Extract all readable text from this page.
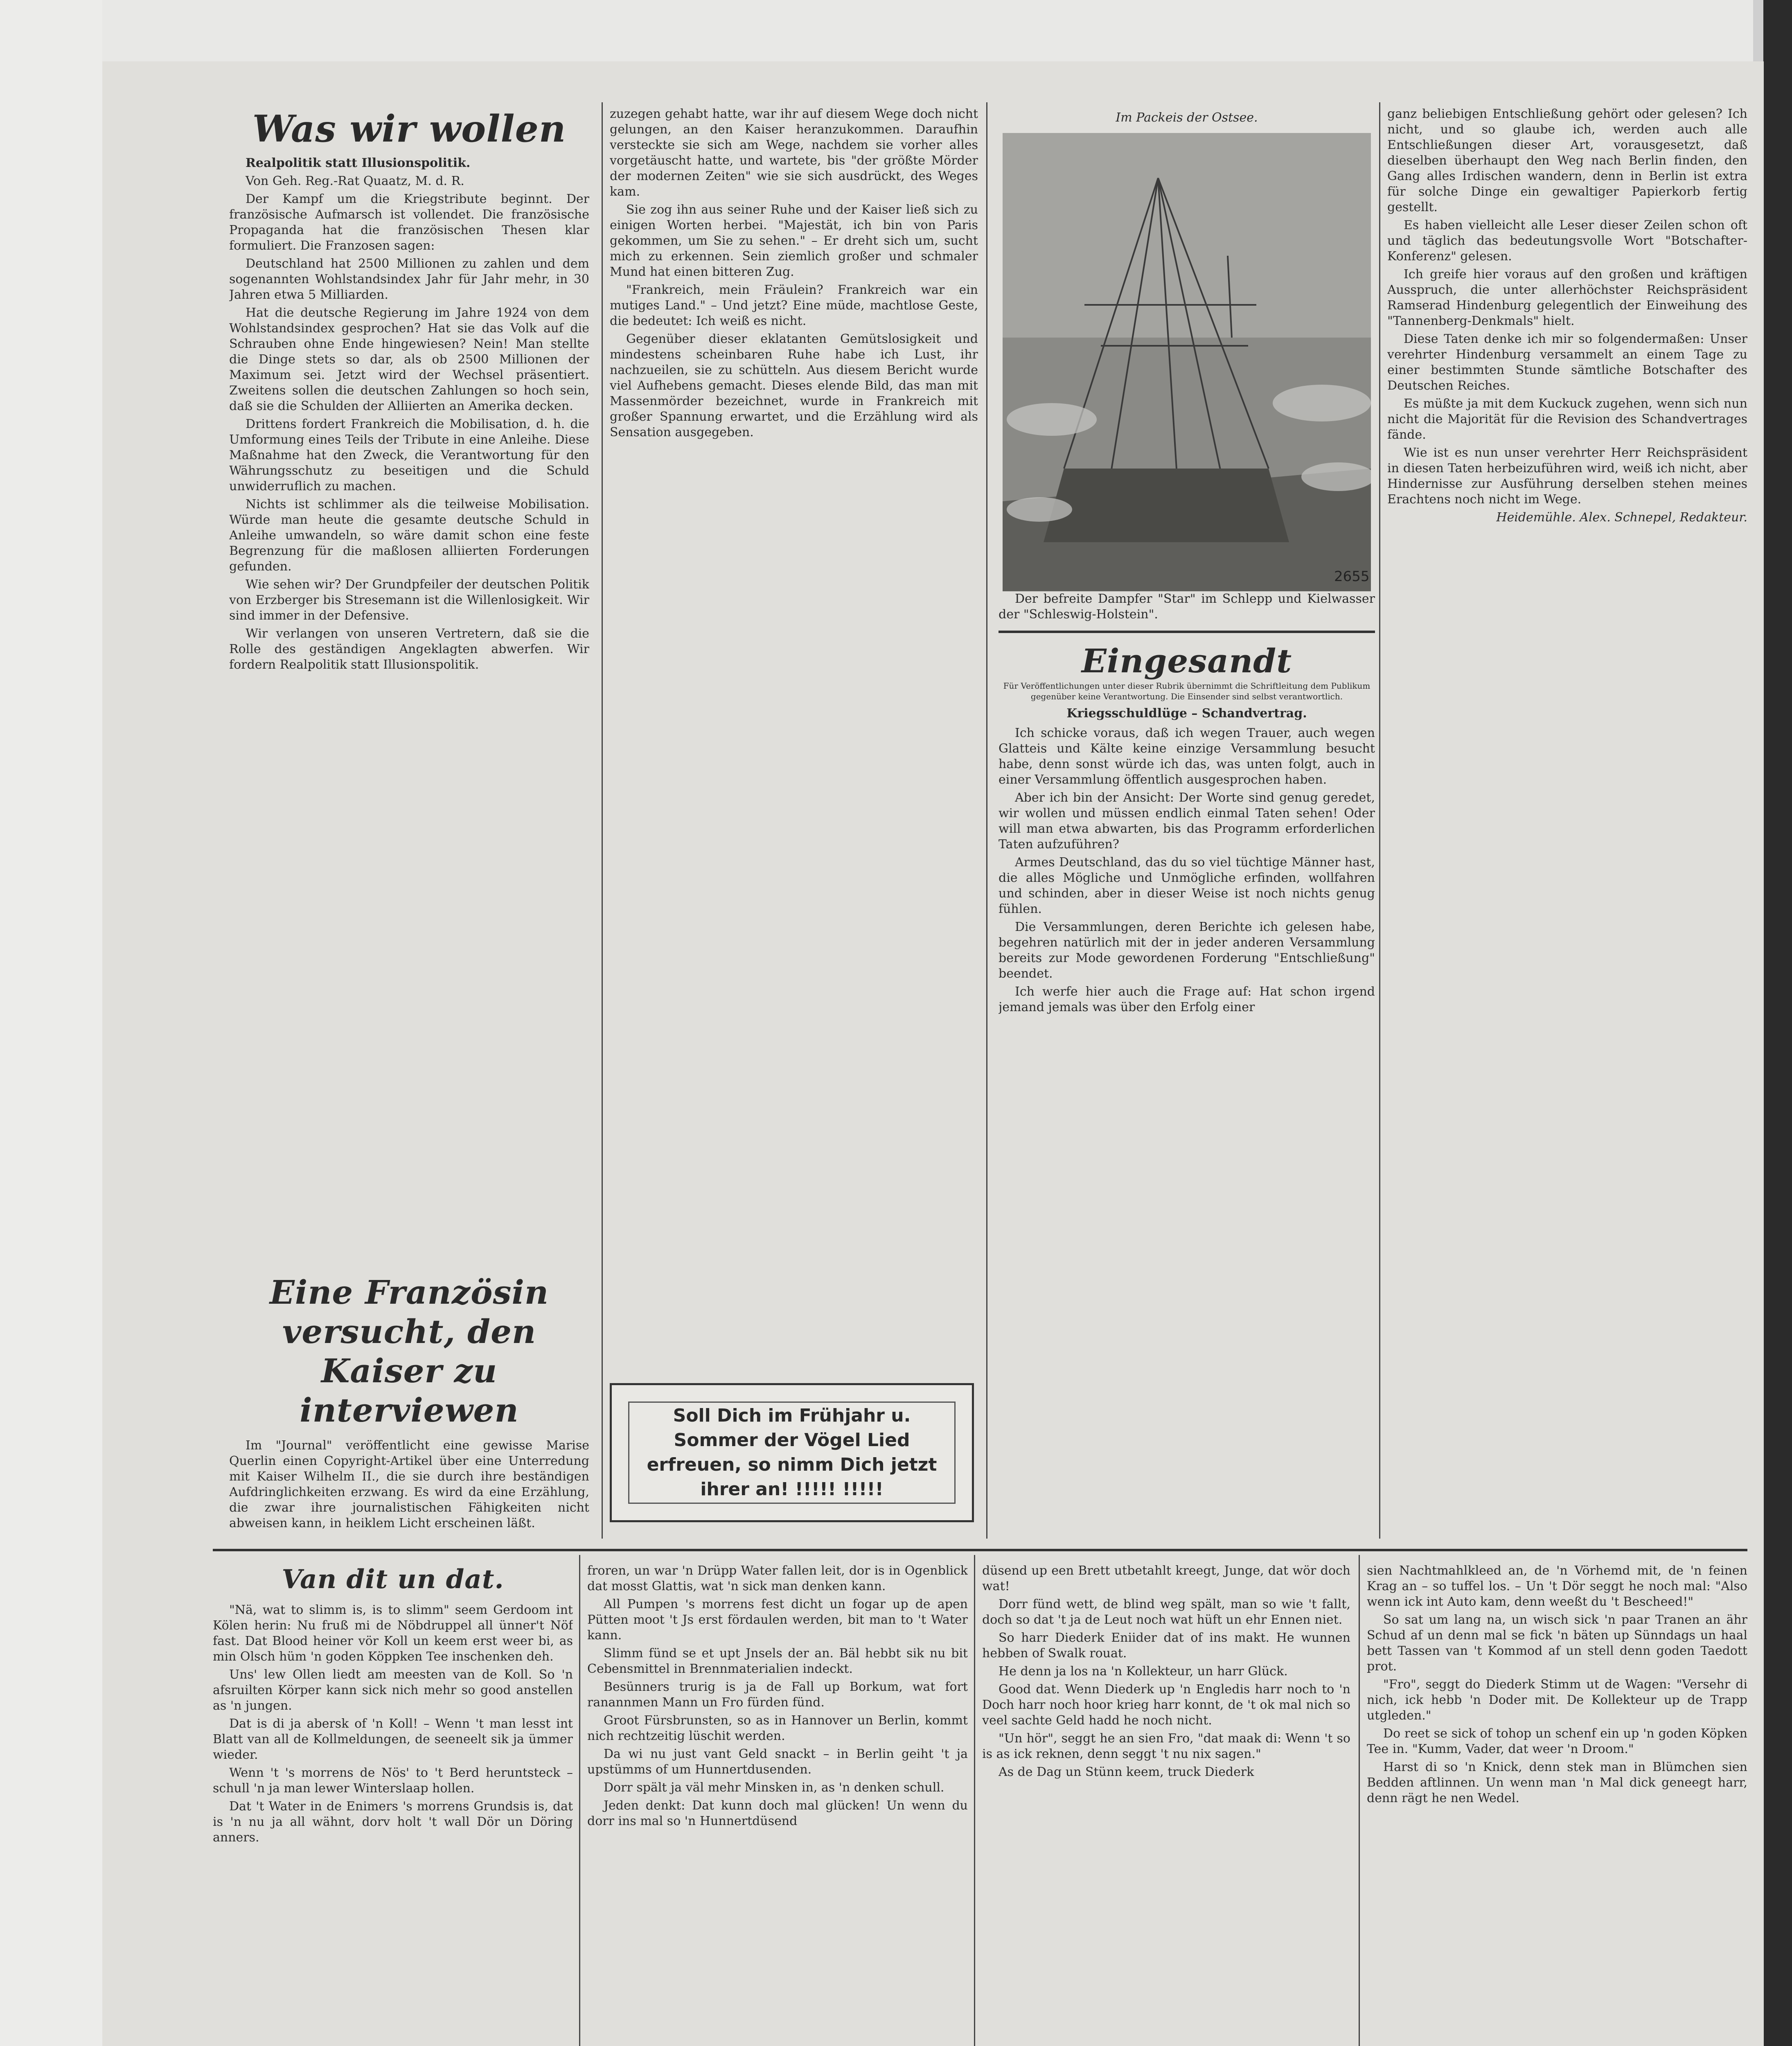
Was wir wollen

Realpolitik statt Illusionspolitik.

Von Geh. Reg.-Rat Quaatz, M. d. R.

Der Kampf um die Kriegstribute beginnt. Der französische Aufmarsch ist vollendet. Die französische Propaganda hat die französischen Thesen klar formuliert. Die Franzosen sagen:

Deutschland hat 2500 Millionen zu zahlen und dem sogenannten Wohlstandsindex Jahr für Jahr mehr, in 30 Jahren etwa 5 Milliarden.

Hat die deutsche Regierung im Jahre 1924 von dem Wohlstandsindex gesprochen? Hat sie das Volk auf die Schrauben ohne Ende hingewiesen? Nein! Man stellte die Dinge stets so dar, als ob 2500 Millionen der Maximum sei. Jetzt wird der Wechsel präsentiert. Zweitens sollen die deutschen Zahlungen so hoch sein, daß sie die Schulden der Alliierten an Amerika decken.

Drittens fordert Frankreich die Mobilisation, d. h. die Umformung eines Teils der Tribute in eine Anleihe. Diese Maßnahme hat den Zweck, die Verantwortung für den Währungsschutz zu beseitigen und die Schuld unwiderruflich zu machen.

Nichts ist schlimmer als die teilweise Mobilisation. Würde man heute die gesamte deutsche Schuld in Anleihe umwandeln, so wäre damit schon eine feste Begrenzung für die maßlosen alliierten Forderungen gefunden.

Wie sehen wir? Der Grundpfeiler der deutschen Politik von Erzberger bis Stresemann ist die Willenlosigkeit. Wir sind immer in der Defensive.

Wir verlangen von unseren Vertretern, daß sie die Rolle des geständigen Angeklagten abwerfen. Wir fordern Realpolitik statt Illusionspolitik.

Eine Französin versucht, den Kaiser zu interviewen

Im "Journal" veröffentlicht eine gewisse Marise Querlin einen Copyright-Artikel über eine Unterredung mit Kaiser Wilhelm II., die sie durch ihre beständigen Aufdringlichkeiten erzwang. Es wird da eine Erzählung, die zwar ihre journalistischen Fähigkeiten nicht abweisen kann, in heiklem Licht erscheinen läßt.

zuzegen gehabt hatte, war ihr auf diesem Wege doch nicht gelungen, an den Kaiser heranzukommen. Daraufhin versteckte sie sich am Wege, nachdem sie vorher alles vorgetäuscht hatte, und wartete, bis "der größte Mörder der modernen Zeiten" wie sie sich ausdrückt, des Weges kam.

Sie zog ihn aus seiner Ruhe und der Kaiser ließ sich zu einigen Worten herbei. "Majestät, ich bin von Paris gekommen, um Sie zu sehen." – Er dreht sich um, sucht mich zu erkennen. Sein ziemlich großer und schmaler Mund hat einen bitteren Zug.

"Frankreich, mein Fräulein? Frankreich war ein mutiges Land." – Und jetzt? Eine müde, machtlose Geste, die bedeutet: Ich weiß es nicht.

Gegenüber dieser eklatanten Gemütslosigkeit und mindestens scheinbaren Ruhe habe ich Lust, ihr nachzueilen, sie zu schütteln. Aus diesem Bericht wurde viel Aufhebens gemacht. Dieses elende Bild, das man mit Massenmörder bezeichnet, wurde in Frankreich mit großer Spannung erwartet, und die Erzählung wird als Sensation ausgegeben.

Soll Dich im Frühjahr u. Sommer der Vögel Lied erfreuen, so nimm Dich jetzt ihrer an! !!!!! !!!!!
Im Packeis der Ostsee.
2655

Der befreite Dampfer "Star" im Schlepp und Kielwasser der "Schleswig-Holstein".

Eingesandt

Für Veröffentlichungen unter dieser Rubrik übernimmt die Schriftleitung dem Publikum gegenüber keine Verantwortung. Die Einsender sind selbst verantwortlich.

Kriegsschuldlüge – Schandvertrag.

Ich schicke voraus, daß ich wegen Trauer, auch wegen Glatteis und Kälte keine einzige Versammlung besucht habe, denn sonst würde ich das, was unten folgt, auch in einer Versammlung öffentlich ausgesprochen haben.

Aber ich bin der Ansicht: Der Worte sind genug geredet, wir wollen und müssen endlich einmal Taten sehen! Oder will man etwa abwarten, bis das Programm erforderlichen Taten aufzuführen?

Armes Deutschland, das du so viel tüchtige Männer hast, die alles Mögliche und Unmögliche erfinden, wollfahren und schinden, aber in dieser Weise ist noch nichts genug fühlen.

Die Versammlungen, deren Berichte ich gelesen habe, begehren natürlich mit der in jeder anderen Versammlung bereits zur Mode gewordenen Forderung "Entschließung" beendet.

Ich werfe hier auch die Frage auf: Hat schon irgend jemand jemals was über den Erfolg einer

ganz beliebigen Entschließung gehört oder gelesen? Ich nicht, und so glaube ich, werden auch alle Entschließungen dieser Art, vorausgesetzt, daß dieselben überhaupt den Weg nach Berlin finden, den Gang alles Irdischen wandern, denn in Berlin ist extra für solche Dinge ein gewaltiger Papierkorb fertig gestellt.

Es haben vielleicht alle Leser dieser Zeilen schon oft und täglich das bedeutungsvolle Wort "Botschafter-Konferenz" gelesen.

Ich greife hier voraus auf den großen und kräftigen Ausspruch, die unter allerhöchster Reichspräsident Ramserad Hindenburg gelegentlich der Einweihung des "Tannenberg-Denkmals" hielt.

Diese Taten denke ich mir so folgendermaßen: Unser verehrter Hindenburg versammelt an einem Tage zu einer bestimmten Stunde sämtliche Botschafter des Deutschen Reiches.

Es müßte ja mit dem Kuckuck zugehen, wenn sich nun nicht die Majorität für die Revision des Schandvertrages fände.

Wie ist es nun unser verehrter Herr Reichspräsident in diesen Taten herbeizuführen wird, weiß ich nicht, aber Hindernisse zur Ausführung derselben stehen meines Erachtens noch nicht im Wege.

Heidemühle. Alex. Schnepel, Redakteur.

Van dit un dat.

"Nä, wat to slimm is, is to slimm" seem Gerdoom int Kölen herin: Nu fruß mi de Nöbdruppel all ünner't Nöf fast. Dat Blood heiner vör Koll un keem erst weer bi, as min Olsch hüm 'n goden Köppken Tee inschenken deh.

Uns' lew Ollen liedt am meesten van de Koll. So 'n afsruilten Körper kann sick nich mehr so good anstellen as 'n jungen.

Dat is di ja abersk of 'n Koll! – Wenn 't man lesst int Blatt van all de Kollmeldungen, de seeneelt sik ja ümmer wieder.

Wenn 't 's morrens de Nös' to 't Berd heruntsteck – schull 'n ja man lewer Winterslaap hollen.

Dat 't Water in de Enimers 's morrens Grundsis is, dat is 'n nu ja all wähnt, dorv holt 't wall Dör un Döring anners.

froren, un war 'n Drüpp Water fallen leit, dor is in Ogenblick dat mosst Glattis, wat 'n sick man denken kann.

All Pumpen 's morrens fest dicht un fogar up de apen Pütten moot 't Js erst fördaulen werden, bit man to 't Water kann.

Slimm fünd se et upt Jnsels der an. Bäl hebbt sik nu bit Cebensmittel in Brennmaterialien indeckt.

Besünners trurig is ja de Fall up Borkum, wat fort ranannmen Mann un Fro fürden fünd.

Groot Fürsbrunsten, so as in Hannover un Berlin, kommt nich rechtzeitig lüschit werden.

Da wi nu just vant Geld snackt – in Berlin geiht 't ja upstümms of um Hunnertdusenden.

Dorr spält ja väl mehr Minsken in, as 'n denken schull.

Jeden denkt: Dat kunn doch mal glücken! Un wenn du dorr ins mal so 'n Hunnertdüsend

düsend up een Brett utbetahlt kreegt, Junge, dat wör doch wat!

Dorr fünd wett, de blind weg spält, man so wie 't fallt, doch so dat 't ja de Leut noch wat hüft un ehr Ennen niet.

So harr Diederk Eniider dat of ins makt. He wunnen hebben of Swalk rouat.

He denn ja los na 'n Kollekteur, un harr Glück.

Good dat. Wenn Diederk up 'n Engledis harr noch to 'n Doch harr noch hoor krieg harr konnt, de 't ok mal nich so veel sachte Geld hadd he noch nicht.

"Un hör", seggt he an sien Fro, "dat maak di: Wenn 't so is as ick reknen, denn seggt 't nu nix sagen."

As de Dag un Stünn keem, truck Diederk

sien Nachtmahlkleed an, de 'n Vörhemd mit, de 'n feinen Krag an – so tuffel los. – Un 't Dör seggt he noch mal: "Also wenn ick int Auto kam, denn weeßt du 't Bescheed!"

So sat um lang na, un wisch sick 'n paar Tranen an ähr Schud af un denn mal se fick 'n bäten up Sünndags un haal bett Tassen van 't Kommod af un stell denn goden Taedott prot.

"Fro", seggt do Diederk Stimm ut de Wagen: "Versehr di nich, ick hebb 'n Doder mit. De Kollekteur up de Trapp utgleden."

Do reet se sick of tohop un schenf ein up 'n goden Köpken Tee in. "Kumm, Vader, dat weer 'n Droom."

Harst di so 'n Knick, denn stek man in Blümchen sien Bedden aftlinnen. Un wenn man 'n Mal dick geneegt harr, denn rägt he nen Wedel.
